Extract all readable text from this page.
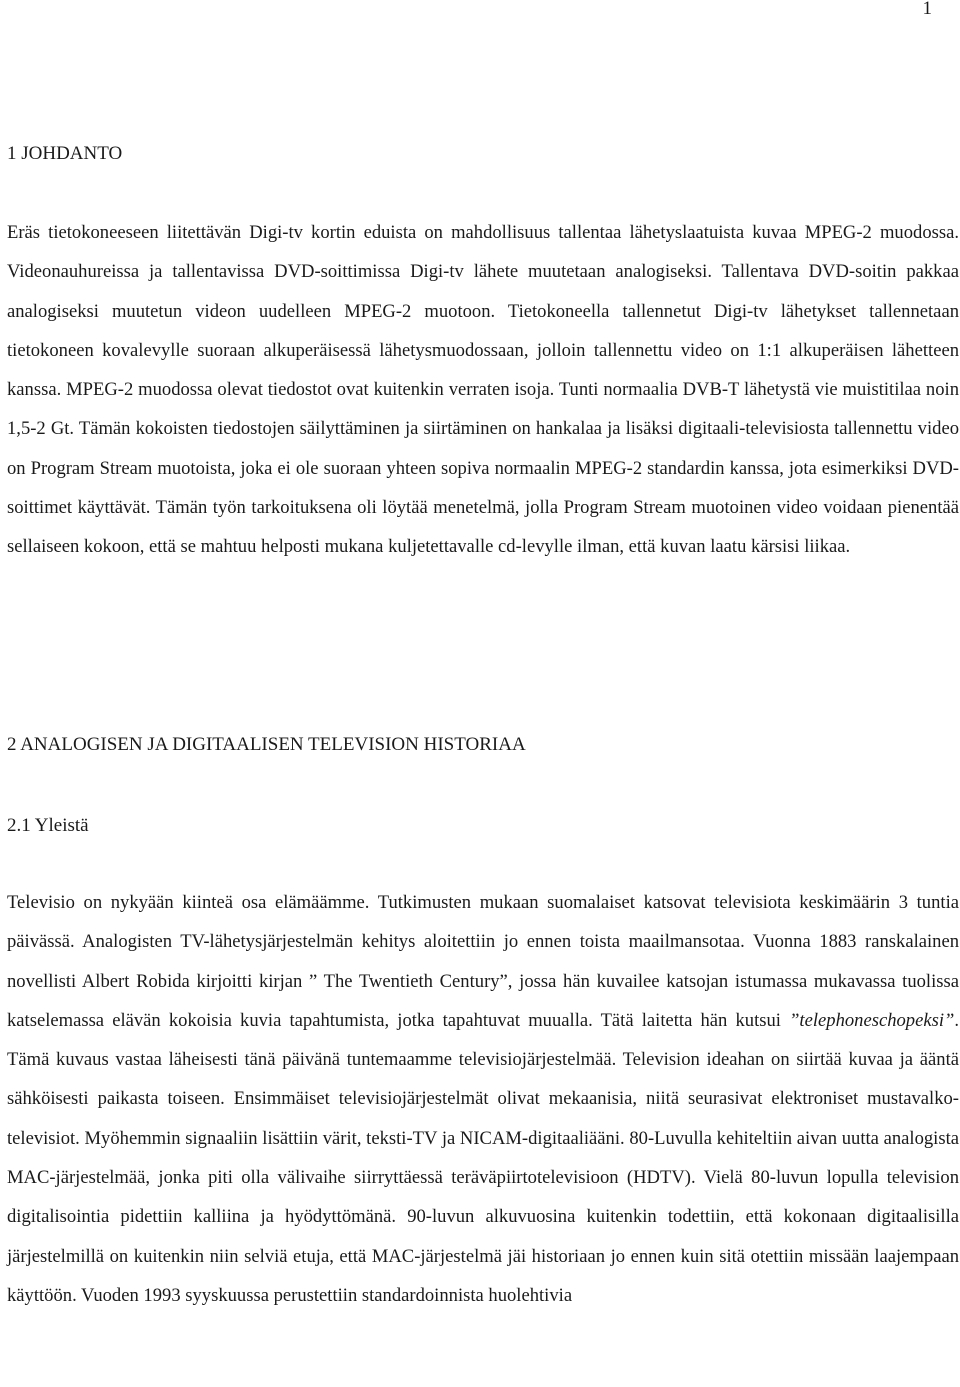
1
1 JOHDANTO

Eräs tietokoneeseen liitettävän Digi-tv kortin eduista on mahdollisuus tallentaa lähetyslaatuista kuvaa MPEG-2 muodossa. Videonauhureissa ja tallentavissa DVD-soittimissa Digi-tv lähete muutetaan analogiseksi. Tallentava DVD-soitin pakkaa analogiseksi muutetun videon uudelleen MPEG-2 muotoon. Tietokoneella tallennetut Digi-tv lähetykset tallennetaan tietokoneen kovalevylle suoraan alkuperäisessä lähetysmuodossaan, jolloin tallennettu video on 1:1 alkuperäisen lähetteen kanssa. MPEG-2 muodossa olevat tiedostot ovat kuitenkin verraten isoja. Tunti normaalia DVB-T lähetystä vie muistitilaa noin 1,5-2 Gt. Tämän kokoisten tiedostojen säilyttäminen ja siirtäminen on hankalaa ja lisäksi digitaali-televisiosta tallennettu video on Program Stream muotoista, joka ei ole suoraan yhteen sopiva normaalin MPEG-2 standardin kanssa, jota esimerkiksi DVD-soittimet käyttävät. Tämän työn tarkoituksena oli löytää menetelmä, jolla Program Stream muotoinen video voidaan pienentää sellaiseen kokoon, että se mahtuu helposti mukana kuljetettavalle cd-levylle ilman, että kuvan laatu kärsisi liikaa.

2 ANALOGISEN JA DIGITAALISEN TELEVISION HISTORIAA
2.1 Yleistä

Televisio on nykyään kiinteä osa elämäämme. Tutkimusten mukaan suomalaiset katsovat televisiota keskimäärin 3 tuntia päivässä. Analogisten TV-lähetysjärjestelmän kehitys aloitettiin jo ennen toista maailmansotaa. Vuonna 1883 ranskalainen novellisti Albert Robida kirjoitti kirjan ” The Twentieth Century”, jossa hän kuvailee katsojan istumassa mukavassa tuolissa katselemassa elävän kokoisia kuvia tapahtumista, jotka tapahtuvat muualla. Tätä laitetta hän kutsui ”telephoneschopeksi”. Tämä kuvaus vastaa läheisesti tänä päivänä tuntemaamme televisiojärjestelmää. Television ideahan on siirtää kuvaa ja ääntä sähköisesti paikasta toiseen. Ensimmäiset televisiojärjestelmät olivat mekaanisia, niitä seurasivat elektroniset mustavalko-televisiot. Myöhemmin signaaliin lisättiin värit, teksti-TV ja NICAM-digitaaliääni. 80-Luvulla kehiteltiin aivan uutta analogista MAC-järjestelmää, jonka piti olla välivaihe siirryttäessä teräväpiirtotelevisioon (HDTV). Vielä 80-luvun lopulla television digitalisointia pidettiin kalliina ja hyödyttömänä. 90-luvun alkuvuosina kuitenkin todettiin, että kokonaan digitaalisilla järjestelmillä on kuitenkin niin selviä etuja, että MAC-järjestelmä jäi historiaan jo ennen kuin sitä otettiin missään laajempaan käyttöön. Vuoden 1993 syyskuussa perustettiin standardoinnista huolehtivia
